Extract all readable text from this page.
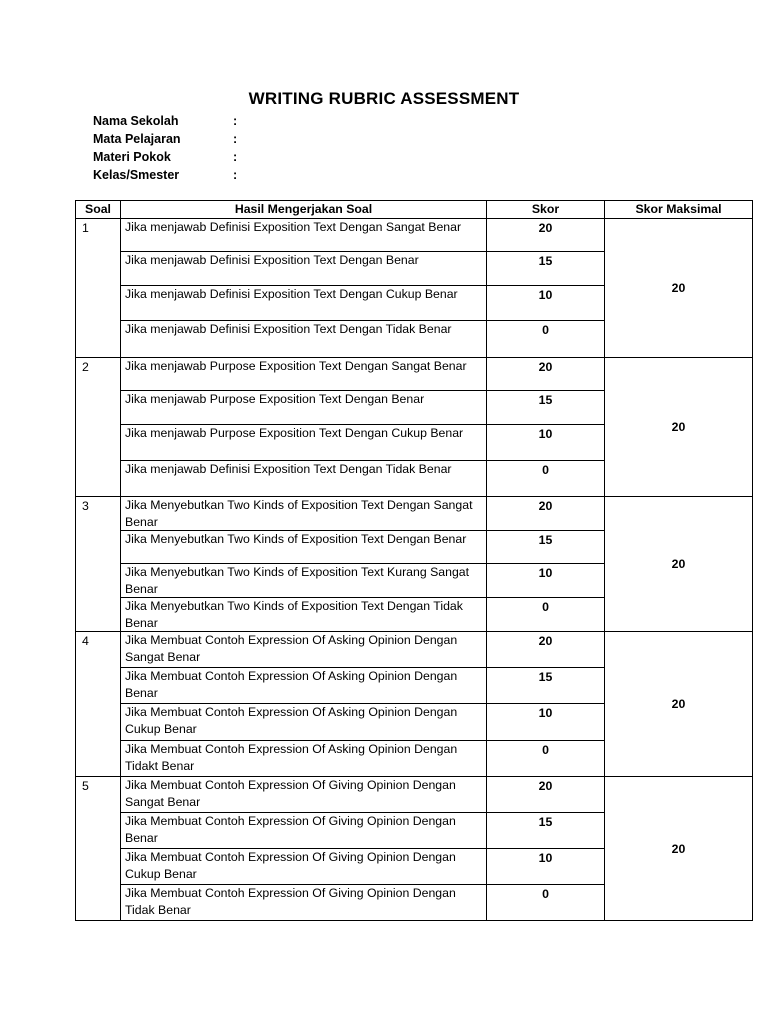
WRITING RUBRIC ASSESSMENT
Nama Sekolah	:
Mata Pelajaran	:
Materi Pokok	:
Kelas/Smester	:
Soal	Hasil Mengerjakan Soal	Skor	Skor Maksimal
1	Jika menjawab Definisi Exposition Text Dengan Sangat Benar	20	20
	Jika menjawab Definisi Exposition Text Dengan Benar	15	
	Jika menjawab Definisi Exposition Text Dengan Cukup Benar	10	
	Jika menjawab Definisi Exposition Text Dengan Tidak Benar	0	
2	Jika menjawab Purpose Exposition Text Dengan Sangat Benar	20	20
	Jika menjawab Purpose Exposition Text Dengan Benar	15	
	Jika menjawab Purpose Exposition Text Dengan Cukup Benar	10	
	Jika menjawab Definisi Exposition Text Dengan Tidak Benar	0	
3	Jika Menyebutkan Two Kinds of Exposition Text Dengan Sangat Benar	20	20
	Jika Menyebutkan Two Kinds of Exposition Text Dengan Benar	15	
	Jika Menyebutkan Two Kinds of Exposition Text Kurang Sangat Benar	10	
	Jika Menyebutkan Two Kinds of Exposition Text Dengan Tidak Benar	0	
4	Jika Membuat Contoh Expression Of Asking Opinion Dengan Sangat Benar	20	20
	Jika Membuat Contoh Expression Of Asking Opinion Dengan Benar	15	
	Jika Membuat Contoh Expression Of Asking Opinion Dengan Cukup Benar	10	
	Jika Membuat Contoh Expression Of Asking Opinion Dengan Tidakt Benar	0	
5	Jika Membuat Contoh Expression Of Giving Opinion Dengan Sangat Benar	20	20
	Jika Membuat Contoh Expression Of Giving Opinion Dengan Benar	15	
	Jika Membuat Contoh Expression Of Giving Opinion Dengan Cukup Benar	10	
	Jika Membuat Contoh Expression Of Giving Opinion Dengan Tidak Benar	0	
